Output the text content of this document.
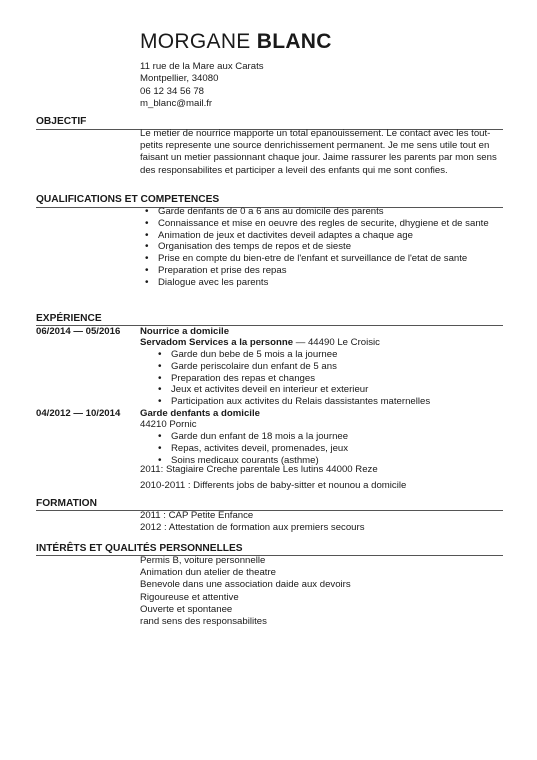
MORGANE BLANC
11 rue de la Mare aux Carats
Montpellier, 34080
06 12 34 56 78
m_blanc@mail.fr
OBJECTIF
Le metier de nourrice mapporte un total epanouissement. Le contact avec les tout-petits represente une source denrichissement permanent. Je me sens utile tout en faisant un metier passionnant chaque jour. Jaime rassurer les parents par mon sens des responsabilites et participer a leveil des enfants qui me sont confies.
QUALIFICATIONS ET COMPETENCES
• Garde denfants de 0 a 6 ans au domicile des parents
• Connaissance et mise en oeuvre des regles de securite, dhygiene et de sante
• Animation de jeux et dactivites deveil adaptes a chaque age
• Organisation des temps de repos et de sieste
• Prise en compte du bien-etre de l'enfant et surveillance de l'etat de sante
• Preparation et prise des repas
• Dialogue avec les parents
EXPÉRIENCE
06/2014 — 05/2016 Nourrice a domicile
Servadom Services a la personne — 44490 Le Croisic
• Garde dun bebe de 5 mois a la journee
• Garde periscolaire dun enfant de 5 ans
• Preparation des repas et changes
• Jeux et activites deveil en interieur et exterieur
• Participation aux activites du Relais dassistantes maternelles
04/2012 — 10/2014 Garde denfants a domicile
44210 Pornic
• Garde dun enfant de 18 mois a la journee
• Repas, activites deveil, promenades, jeux
• Soins medicaux courants (asthme)
2011: Stagiaire Creche parentale Les lutins 44000 Reze
2010-2011 : Differents jobs de baby-sitter et nounou a domicile
FORMATION
2011 : CAP Petite Enfance
2012 : Attestation de formation aux premiers secours
INTÉRÊTS ET QUALITÉS PERSONNELLES
Permis B, voiture personnelle
Animation dun atelier de theatre
Benevole dans une association daide aux devoirs
Rigoureuse et attentive
Ouverte et spontanee
rand sens des responsabilites
